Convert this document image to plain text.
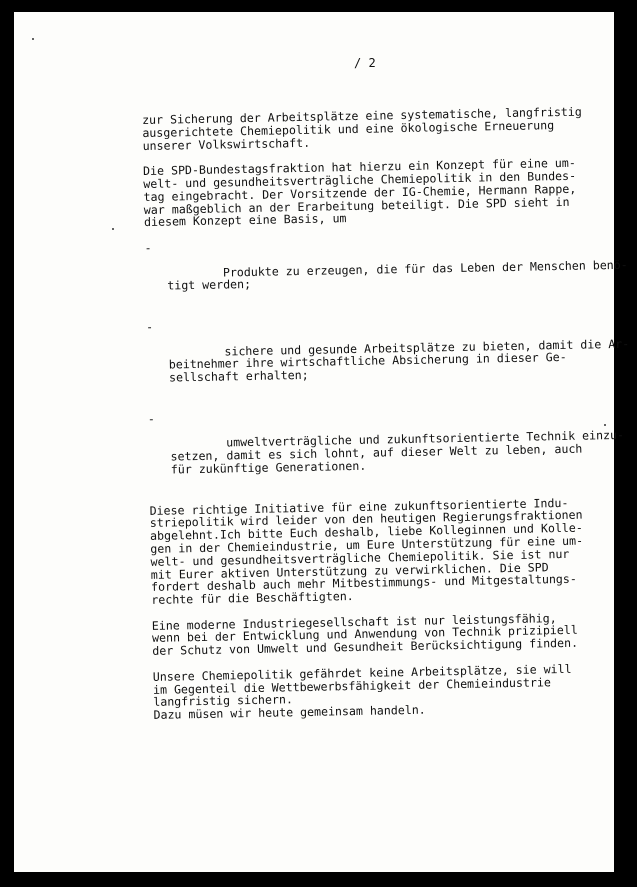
/ 2

zur Sicherung der Arbeitsplätze eine systematische, langfristig
ausgerichtete Chemiepolitik und eine ökologische Erneuerung
unserer Volkswirtschaft.

Die SPD-Bundestagsfraktion hat hierzu ein Konzept für eine um-
welt- und gesundheitsverträgliche Chemiepolitik in den Bundes-
tag eingebracht. Der Vorsitzende der IG-Chemie, Hermann Rappe,
war maßgeblich an der Erarbeitung beteiligt. Die SPD sieht in
diesem Konzept eine Basis, um

-

Produkte zu erzeugen, die für das Leben der Menschen benö-
tigt werden;

-

sichere und gesunde Arbeitsplätze zu bieten, damit die Ar-
beitnehmer ihre wirtschaftliche Absicherung in dieser Ge-
sellschaft erhalten;

-

umweltverträgliche und zukunftsorientierte Technik einzu-
setzen, damit es sich lohnt, auf dieser Welt zu leben, auch
für zukünftige Generationen.

Diese richtige Initiative für eine zukunftsorientierte Indu-
striepolitik wird leider von den heutigen Regierungsfraktionen
abgelehnt.Ich bitte Euch deshalb, liebe Kolleginnen und Kolle-
gen in der Chemieindustrie, um Eure Unterstützung für eine um-
welt- und gesundheitsverträgliche Chemiepolitik. Sie ist nur
mit Eurer aktiven Unterstützung zu verwirklichen. Die SPD
fordert deshalb auch mehr Mitbestimmungs- und Mitgestaltungs-
rechte für die Beschäftigten.

Eine moderne Industriegesellschaft ist nur leistungsfähig,
wenn bei der Entwicklung und Anwendung von Technik prizipiell
der Schutz von Umwelt und Gesundheit Berücksichtigung finden.

Unsere Chemiepolitik gefährdet keine Arbeitsplätze, sie will
im Gegenteil die Wettbewerbsfähigkeit der Chemieindustrie
langfristig sichern.
Dazu müsen wir heute gemeinsam handeln.
